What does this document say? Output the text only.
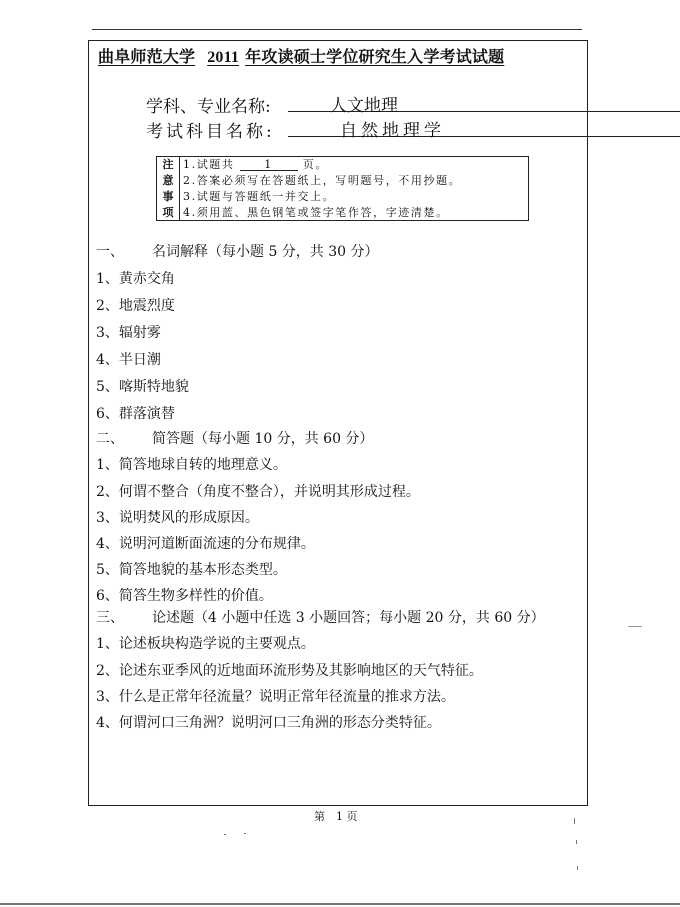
曲阜师范大学 2011 年攻读硕士学位研究生入学考试试题
学科、专业名称:	人文地理
考试科目名称:	自然地理学
注
意
事
项
1.试题共	1	页。
2.答案必须写在答题纸上，写明题号，不用抄题。
3.试题与答题纸一并交上。
4.须用蓝、黑色钢笔或签字笔作答，字迹清楚。
一、 名词解释（每小题 5 分，共 30 分）
1、黄赤交角
2、地震烈度
3、辐射雾
4、半日潮
5、喀斯特地貌
6、群落演替
二、 简答题（每小题 10 分，共 60 分）
1、简答地球自转的地理意义。
2、何谓不整合（角度不整合），并说明其形成过程。
3、说明焚风的形成原因。
4、说明河道断面流速的分布规律。
5、简答地貌的基本形态类型。
6、简答生物多样性的价值。
三、 论述题（4 小题中任选 3 小题回答；每小题 20 分，共 60 分）
1、论述板块构造学说的主要观点。
2、论述东亚季风的近地面环流形势及其影响地区的天气特征。
3、什么是正常年径流量？说明正常年径流量的推求方法。
4、何谓河口三角洲？说明河口三角洲的形态分类特征。
第　1 页
